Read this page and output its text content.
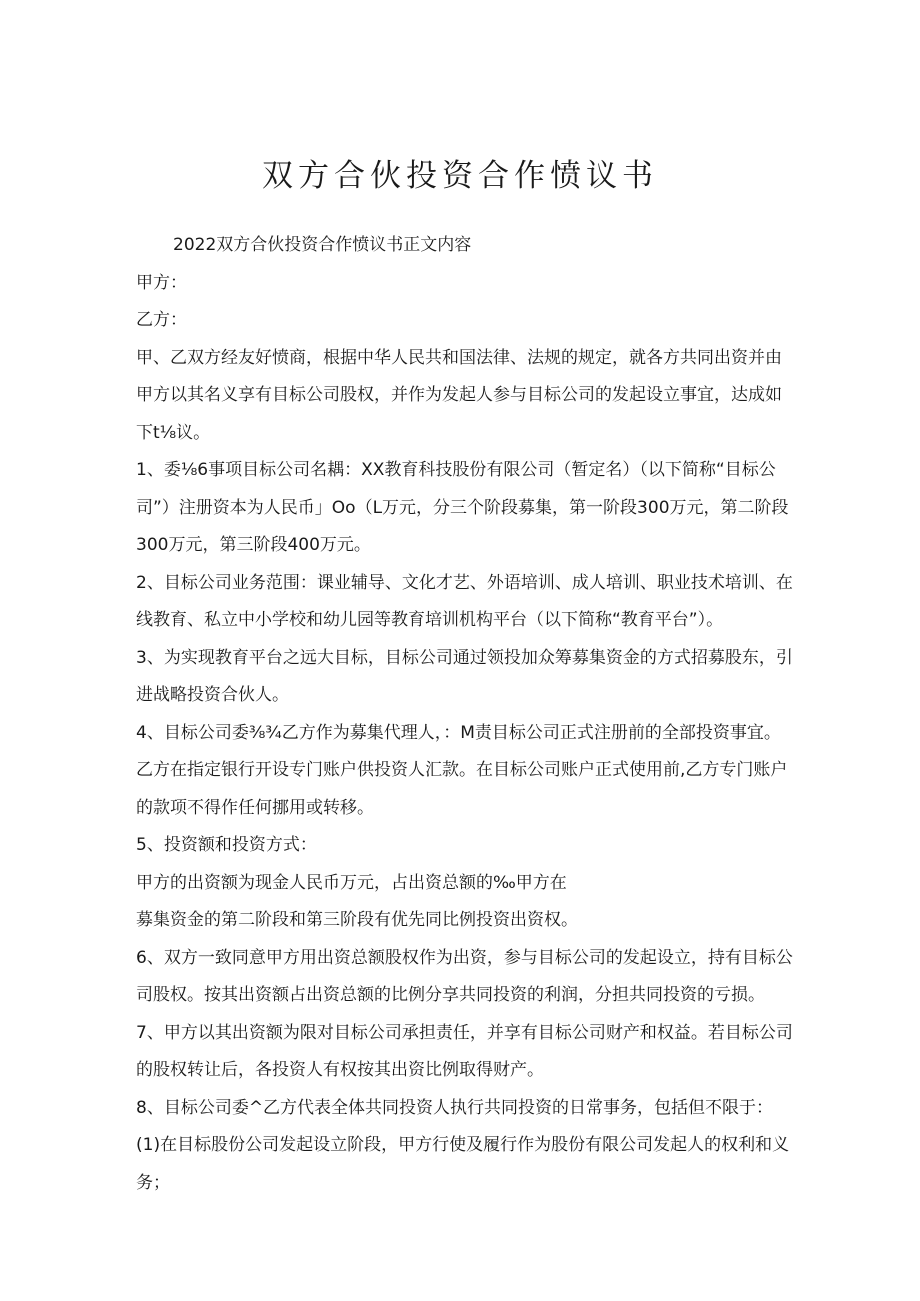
双方合伙投资合作愤议书

2022双方合伙投资合作愤议书正文内容

甲方：

乙方：

甲、乙双方经友好愤商，根据中华人民共和国法律、法规的规定，就各方共同出资并由甲方以其名义享有目标公司股权，并作为发起人参与目标公司的发起设立事宜，达成如下t⅛议。

1、委⅛6事项目标公司名耦：XX教育科技股份有限公司（暂定名）（以下简称“目标公司”）注册资本为人民币」Oo（L万元，分三个阶段募集，第一阶段300万元，第二阶段300万元，第三阶段400万元。

2、目标公司业务范围：课业辅导、文化才艺、外语培训、成人培训、职业技术培训、在线教育、私立中小学校和幼儿园等教育培训机构平台（以下简称“教育平台”）。

3、为实现教育平台之远大目标，目标公司通过领投加众筹募集资金的方式招募股东，引进战略投资合伙人。

4、目标公司委⅜¾乙方作为募集代理人，：M责目标公司正式注册前的全部投资事宜。乙方在指定银行开设专门账户供投资人汇款。在目标公司账户正式使用前,乙方专门账户的款项不得作任何挪用或转移。

5、投资额和投资方式：

甲方的出资额为现金人民币万元，占出资总额的‰甲方在

募集资金的第二阶段和第三阶段有优先同比例投资出资权。

6、双方一致同意甲方用出资总额股权作为出资，参与目标公司的发起设立，持有目标公司股权。按其出资额占出资总额的比例分享共同投资的利润，分担共同投资的亏损。

7、甲方以其出资额为限对目标公司承担责任，并享有目标公司财产和权益。若目标公司的股权转让后，各投资人有权按其出资比例取得财产。

8、目标公司委^乙方代表全体共同投资人执行共同投资的日常事务，包括但不限于：

(1)在目标股份公司发起设立阶段，甲方行使及履行作为股份有限公司发起人的权利和义务；
